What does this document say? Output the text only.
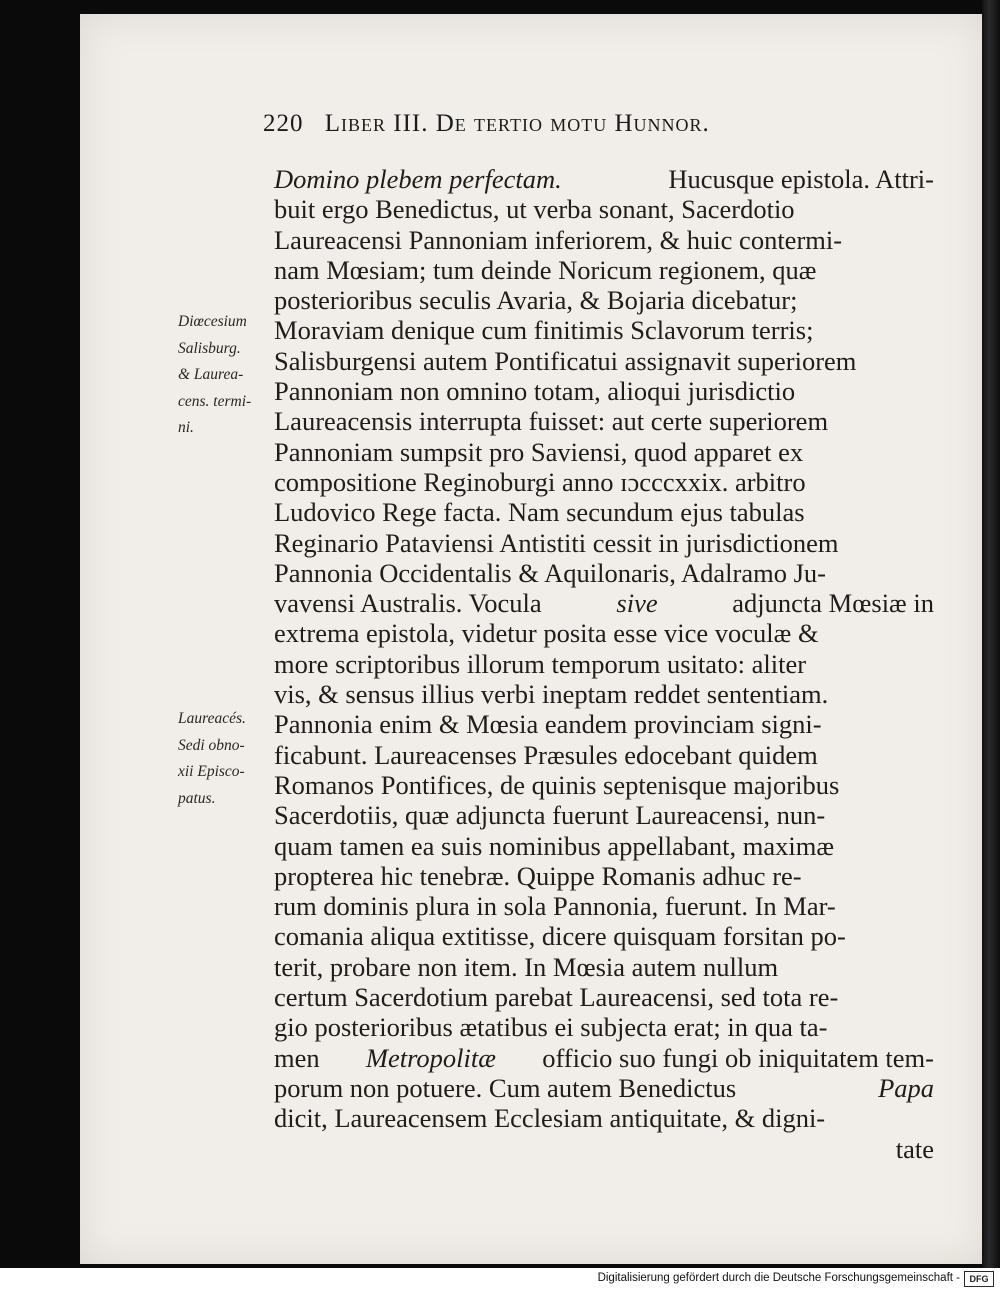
220 Liber III. De tertio motu Hunnor.
Domino plebem perfectam.	Hucusque epistola. Attri-
buit ergo Benedictus, ut verba sonant, Sacerdotio
Laureacensi Pannoniam inferiorem, & huic contermi-
nam Mœsiam; tum deinde Noricum regionem, quæ
posterioribus seculis Avaria, & Bojaria dicebatur;
Moraviam denique cum finitimis Sclavorum terris;
Salisburgensi autem Pontificatui assignavit superiorem
Pannoniam non omnino totam, alioqui jurisdictio
Laureacensis interrupta fuisset: aut certe superiorem
Pannoniam sumpsit pro Saviensi, quod apparet ex
compositione Reginoburgi anno ɪɔcccxxix. arbitro
Ludovico Rege facta. Nam secundum ejus tabulas
Reginario Pataviensi Antistiti cessit in jurisdictionem
Pannonia Occidentalis & Aquilonaris, Adalramo Ju-
vavensi Australis. Vocula	sive	adjuncta Mœsiæ in
extrema epistola, videtur posita esse vice voculæ &
more scriptoribus illorum temporum usitato: aliter
vis, & sensus illius verbi ineptam reddet sententiam.
Pannonia enim & Mœsia eandem provinciam signi-
ficabunt. Laureacenses Præsules edocebant quidem
Romanos Pontifices, de quinis septenisque majoribus
Sacerdotiis, quæ adjuncta fuerunt Laureacensi, nun-
quam tamen ea suis nominibus appellabant, maximæ
propterea hic tenebræ. Quippe Romanis adhuc re-
rum dominis plura in sola Pannonia, fuerunt. In Mar-
comania aliqua extitisse, dicere quisquam forsitan po-
terit, probare non item. In Mœsia autem nullum
certum Sacerdotium parebat Laureacensi, sed tota re-
gio posterioribus ætatibus ei subjecta erat; in qua ta-
men Metropolitæ officio suo fungi ob iniquitatem tem-
porum non potuere. Cum autem Benedictus	Papa
dicit, Laureacensem Ecclesiam antiquitate, & digni-
tate
Diœcesium
Salisburg.
& Laurea-
cens. termi-
ni.
Laureacés.
Sedi obno-
xii Episco-
patus.
Digitalisierung gefördert durch die Deutsche Forschungsgemeinschaft -	DFG
